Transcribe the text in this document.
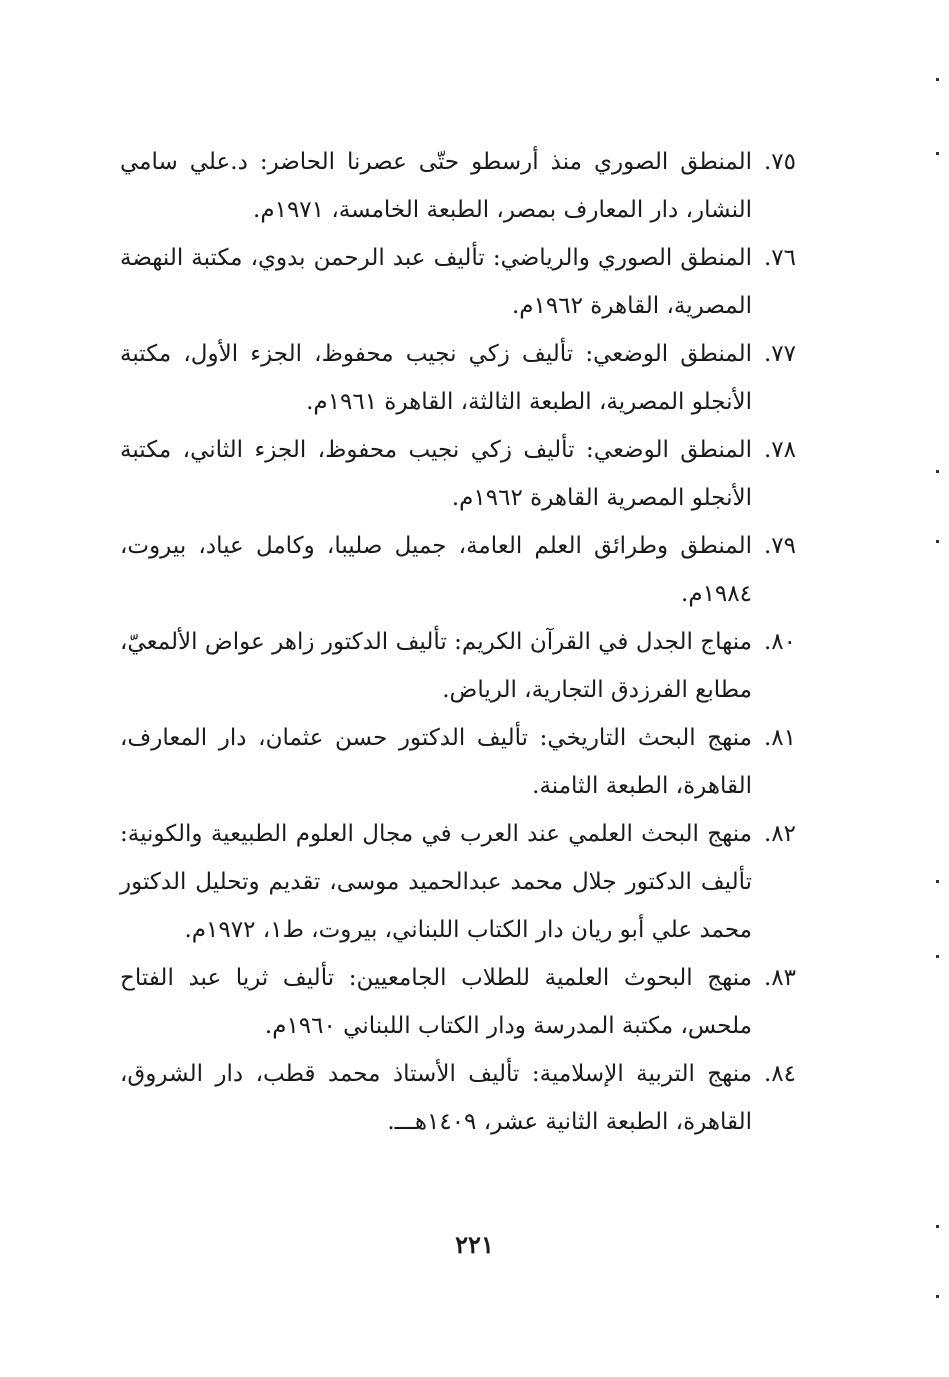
٧٥.
المنطق الصوري منذ أرسطو حتّى عصرنا الحاضر: د.علي سامي النشار، دار المعارف بمصر، الطبعة الخامسة، ١٩٧١م.
٧٦.
المنطق الصوري والرياضي: تأليف عبد الرحمن بدوي، مكتبة النهضة المصرية، القاهرة ١٩٦٢م.
٧٧.
المنطق الوضعي: تأليف زكي نجيب محفوظ، الجزء الأول، مكتبة الأنجلو المصرية، الطبعة الثالثة، القاهرة ١٩٦١م.
٧٨.
المنطق الوضعي: تأليف زكي نجيب محفوظ، الجزء الثاني، مكتبة الأنجلو المصرية القاهرة ١٩٦٢م.
٧٩.
المنطق وطرائق العلم العامة، جميل صليبا، وكامل عياد، بيروت، ١٩٨٤م.
٨٠.
منهاج الجدل في القرآن الكريم: تأليف الدكتور زاهر عواض الألمعيّ، مطابع الفرزدق التجارية، الرياض.
٨١.
منهج البحث التاريخي: تأليف الدكتور حسن عثمان، دار المعارف، القاهرة، الطبعة الثامنة.
٨٢.
منهج البحث العلمي عند العرب في مجال العلوم الطبيعية والكونية: تأليف الدكتور جلال محمد عبدالحميد موسى، تقديم وتحليل الدكتور محمد علي أبو ريان دار الكتاب اللبناني، بيروت، ط١، ١٩٧٢م.
٨٣.
منهج البحوث العلمية للطلاب الجامعيين: تأليف ثريا عبد الفتاح ملحس، مكتبة المدرسة ودار الكتاب اللبناني ١٩٦٠م.
٨٤.
منهج التربية الإسلامية: تأليف الأستاذ محمد قطب، دار الشروق، القاهرة، الطبعة الثانية عشر، ١٤٠٩هـــ.
٢٢١
